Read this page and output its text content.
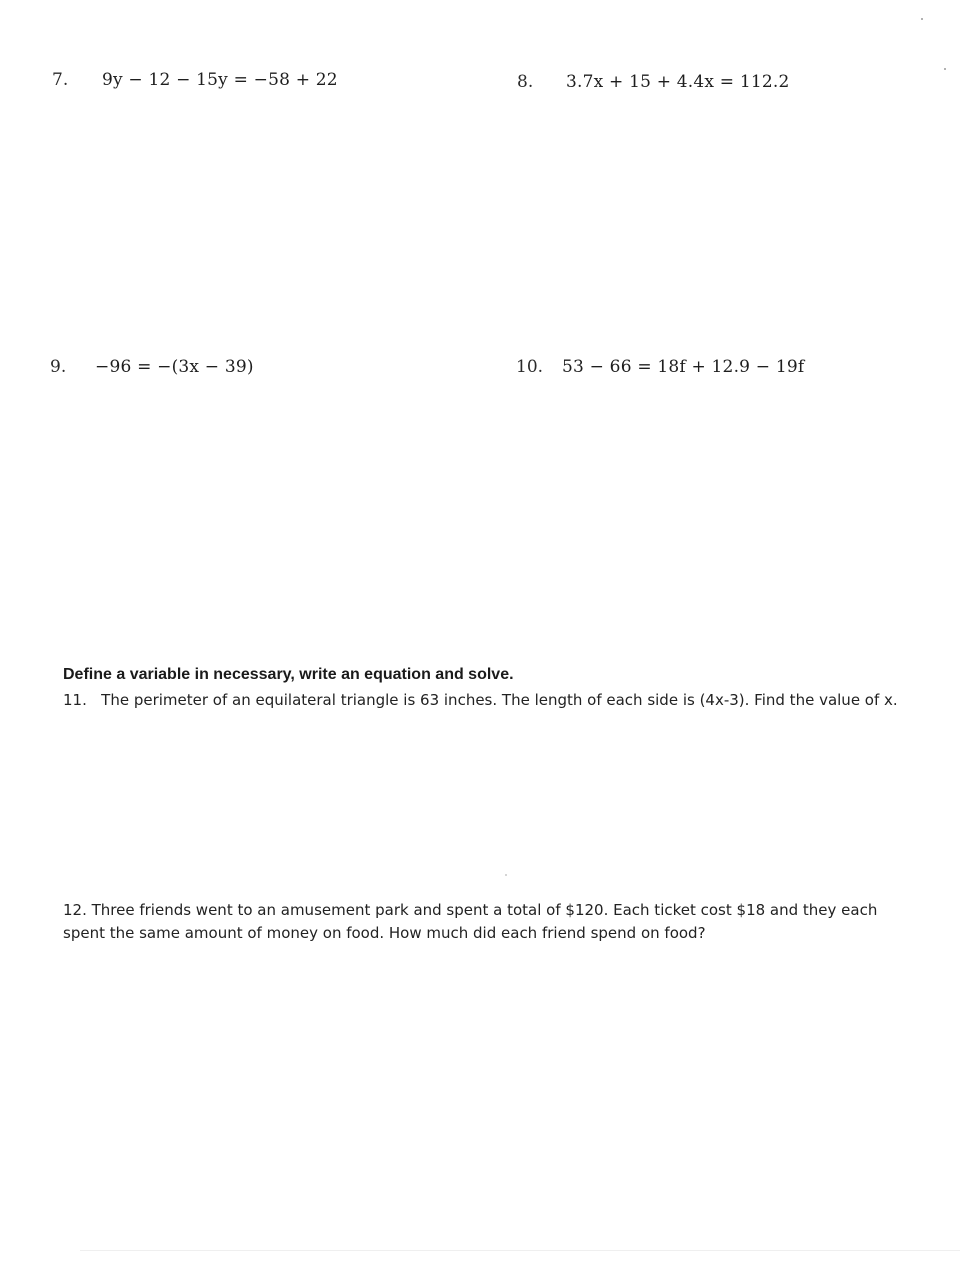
7. 9y − 12 − 15y = −58 + 22	8. 3.7x + 15 + 4.4x = 112.2
9. −96 = −(3x − 39)	10. 53 − 66 = 18f + 12.9 − 19f
Define a variable in necessary, write an equation and solve.
11. The perimeter of an equilateral triangle is 63 inches. The length of each side is (4x-3). Find the value of x.
12. Three friends went to an amusement park and spent a total of $120. Each ticket cost $18 and they each spent the same amount of money on food. How much did each friend spend on food?
